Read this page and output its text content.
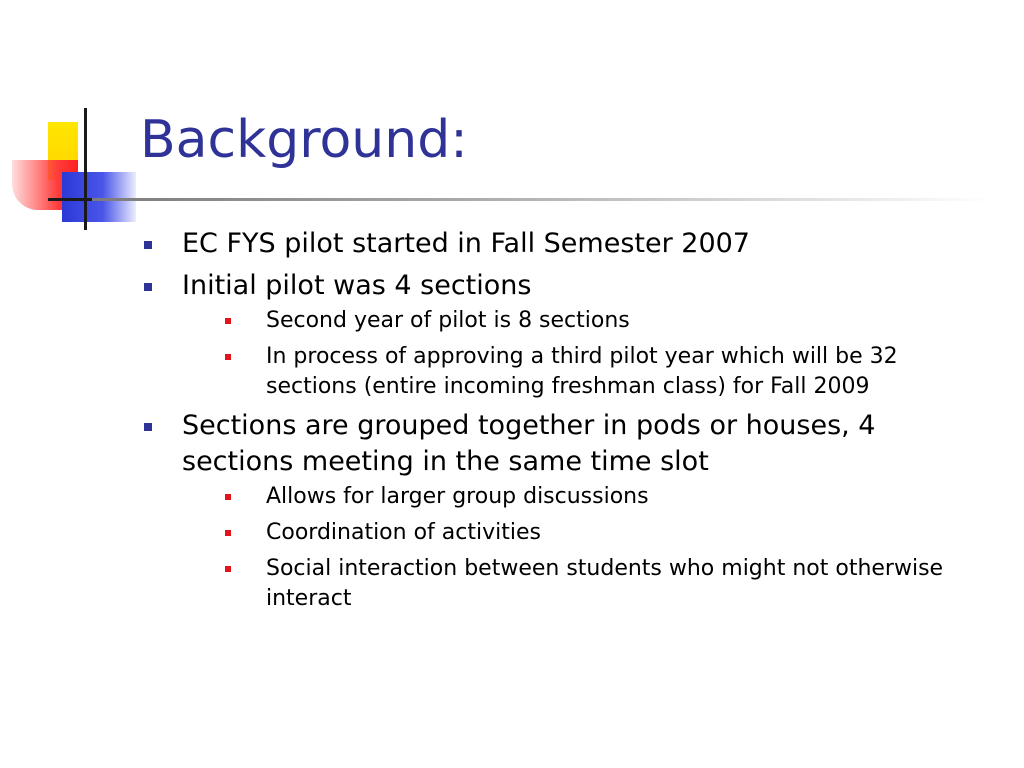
Background:
EC FYS pilot started in Fall Semester 2007
Initial pilot was 4 sections
Second year of pilot is 8 sections
In process of approving a third pilot year which will be 32 sections (entire incoming freshman class) for Fall 2009
Sections are grouped together in pods or houses, 4 sections meeting in the same time slot
Allows for larger group discussions
Coordination of activities
Social interaction between students who might not otherwise interact
